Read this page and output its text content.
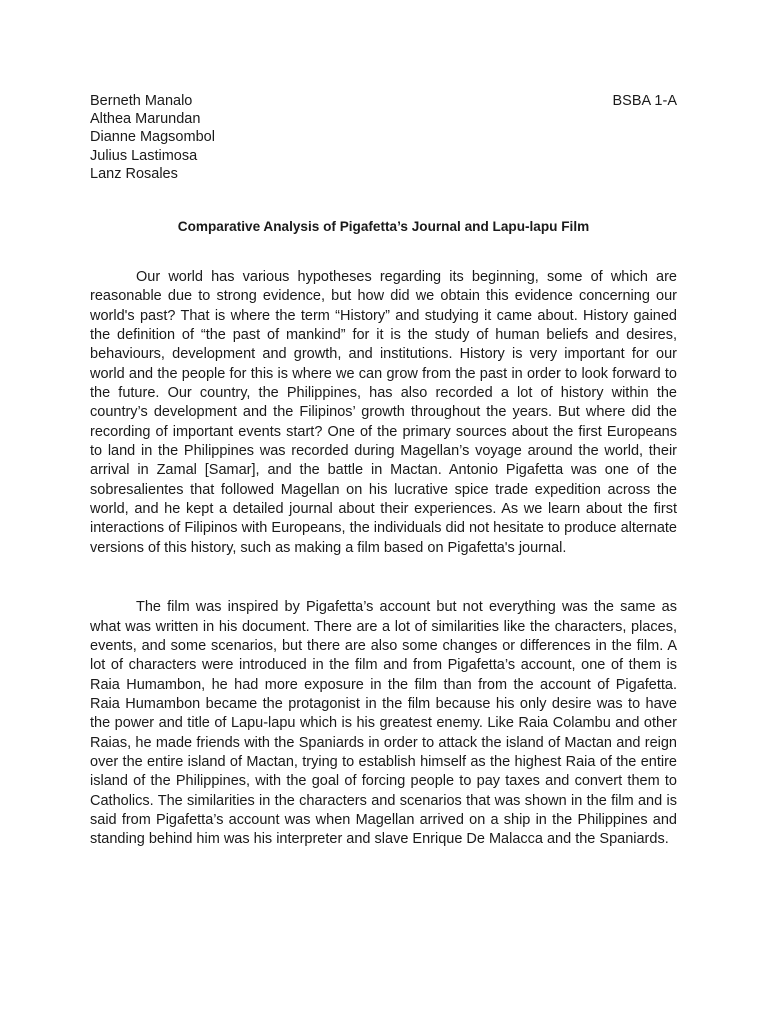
Berneth Manalo
Althea Marundan
Dianne Magsombol
Julius Lastimosa
Lanz Rosales
BSBA 1-A
Comparative Analysis of Pigafetta’s Journal and Lapu-lapu Film

Our world has various hypotheses regarding its beginning, some of which are reasonable due to strong evidence, but how did we obtain this evidence concerning our world's past? That is where the term “History” and studying it came about. History gained the definition of “the past of mankind” for it is the study of human beliefs and desires, behaviours, development and growth, and institutions. History is very important for our world and the people for this is where we can grow from the past in order to look forward to the future. Our country, the Philippines, has also recorded a lot of history within the country’s development and the Filipinos’ growth throughout the years. But where did the recording of important events start? One of the primary sources about the first Europeans to land in the Philippines was recorded during Magellan’s voyage around the world, their arrival in Zamal [Samar], and the battle in Mactan. Antonio Pigafetta was one of the sobresalientes that followed Magellan on his lucrative spice trade expedition across the world, and he kept a detailed journal about their experiences. As we learn about the first interactions of Filipinos with Europeans, the individuals did not hesitate to produce alternate versions of this history, such as making a film based on Pigafetta's journal.

The film was inspired by Pigafetta’s account but not everything was the same as what was written in his document. There are a lot of similarities like the characters, places, events, and some scenarios, but there are also some changes or differences in the film. A lot of characters were introduced in the film and from Pigafetta’s account, one of them is Raia Humambon, he had more exposure in the film than from the account of Pigafetta. Raia Humambon became the protagonist in the film because his only desire was to have the power and title of Lapu-lapu which is his greatest enemy. Like Raia Colambu and other Raias, he made friends with the Spaniards in order to attack the island of Mactan and reign over the entire island of Mactan, trying to establish himself as the highest Raia of the entire island of the Philippines, with the goal of forcing people to pay taxes and convert them to Catholics. The similarities in the characters and scenarios that was shown in the film and is said from Pigafetta’s account was when Magellan arrived on a ship in the Philippines and standing behind him was his interpreter and slave Enrique De Malacca and the Spaniards.
